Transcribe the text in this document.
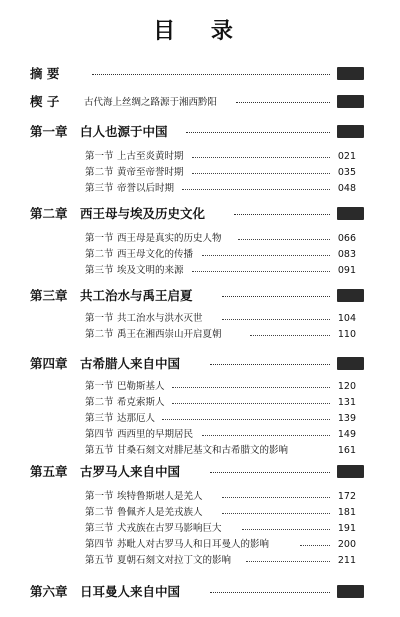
目 录
摘 要
楔 子	古代海上丝绸之路源于湘西黔阳
第一章 白人也源于中国
第一节 上古至炎黄时期	021
第二节 黄帝至帝誉时期	035
第三节 帝誉以后时期	048
第二章 西王母与埃及历史文化
第一节 西王母是真实的历史人物	066
第二节 西王母文化的传播	083
第三节 埃及文明的来源	091
第三章 共工治水与禹王启夏
第一节 共工治水与洪水灭世	104
第二节 禹王在湘西崇山开启夏朝	110
第四章 古希腊人来自中国
第一节 巴勒斯基人	120
第二节 希克索斯人	131
第三节 达那厄人	139
第四节 西西里的早期居民	149
第五节 甘桑石刻文对腓尼基文和古希腊文的影响	161
第五章 古罗马人来自中国
第一节 埃特鲁斯堪人是羌人	172
第二节 鲁佩齐人是羌戎族人	181
第三节 犬戎族在古罗马影响巨大	191
第四节 苏毗人对古罗马人和日耳曼人的影响	200
第五节 夏朝石刻文对拉丁文的影响	211
第六章 日耳曼人来自中国
